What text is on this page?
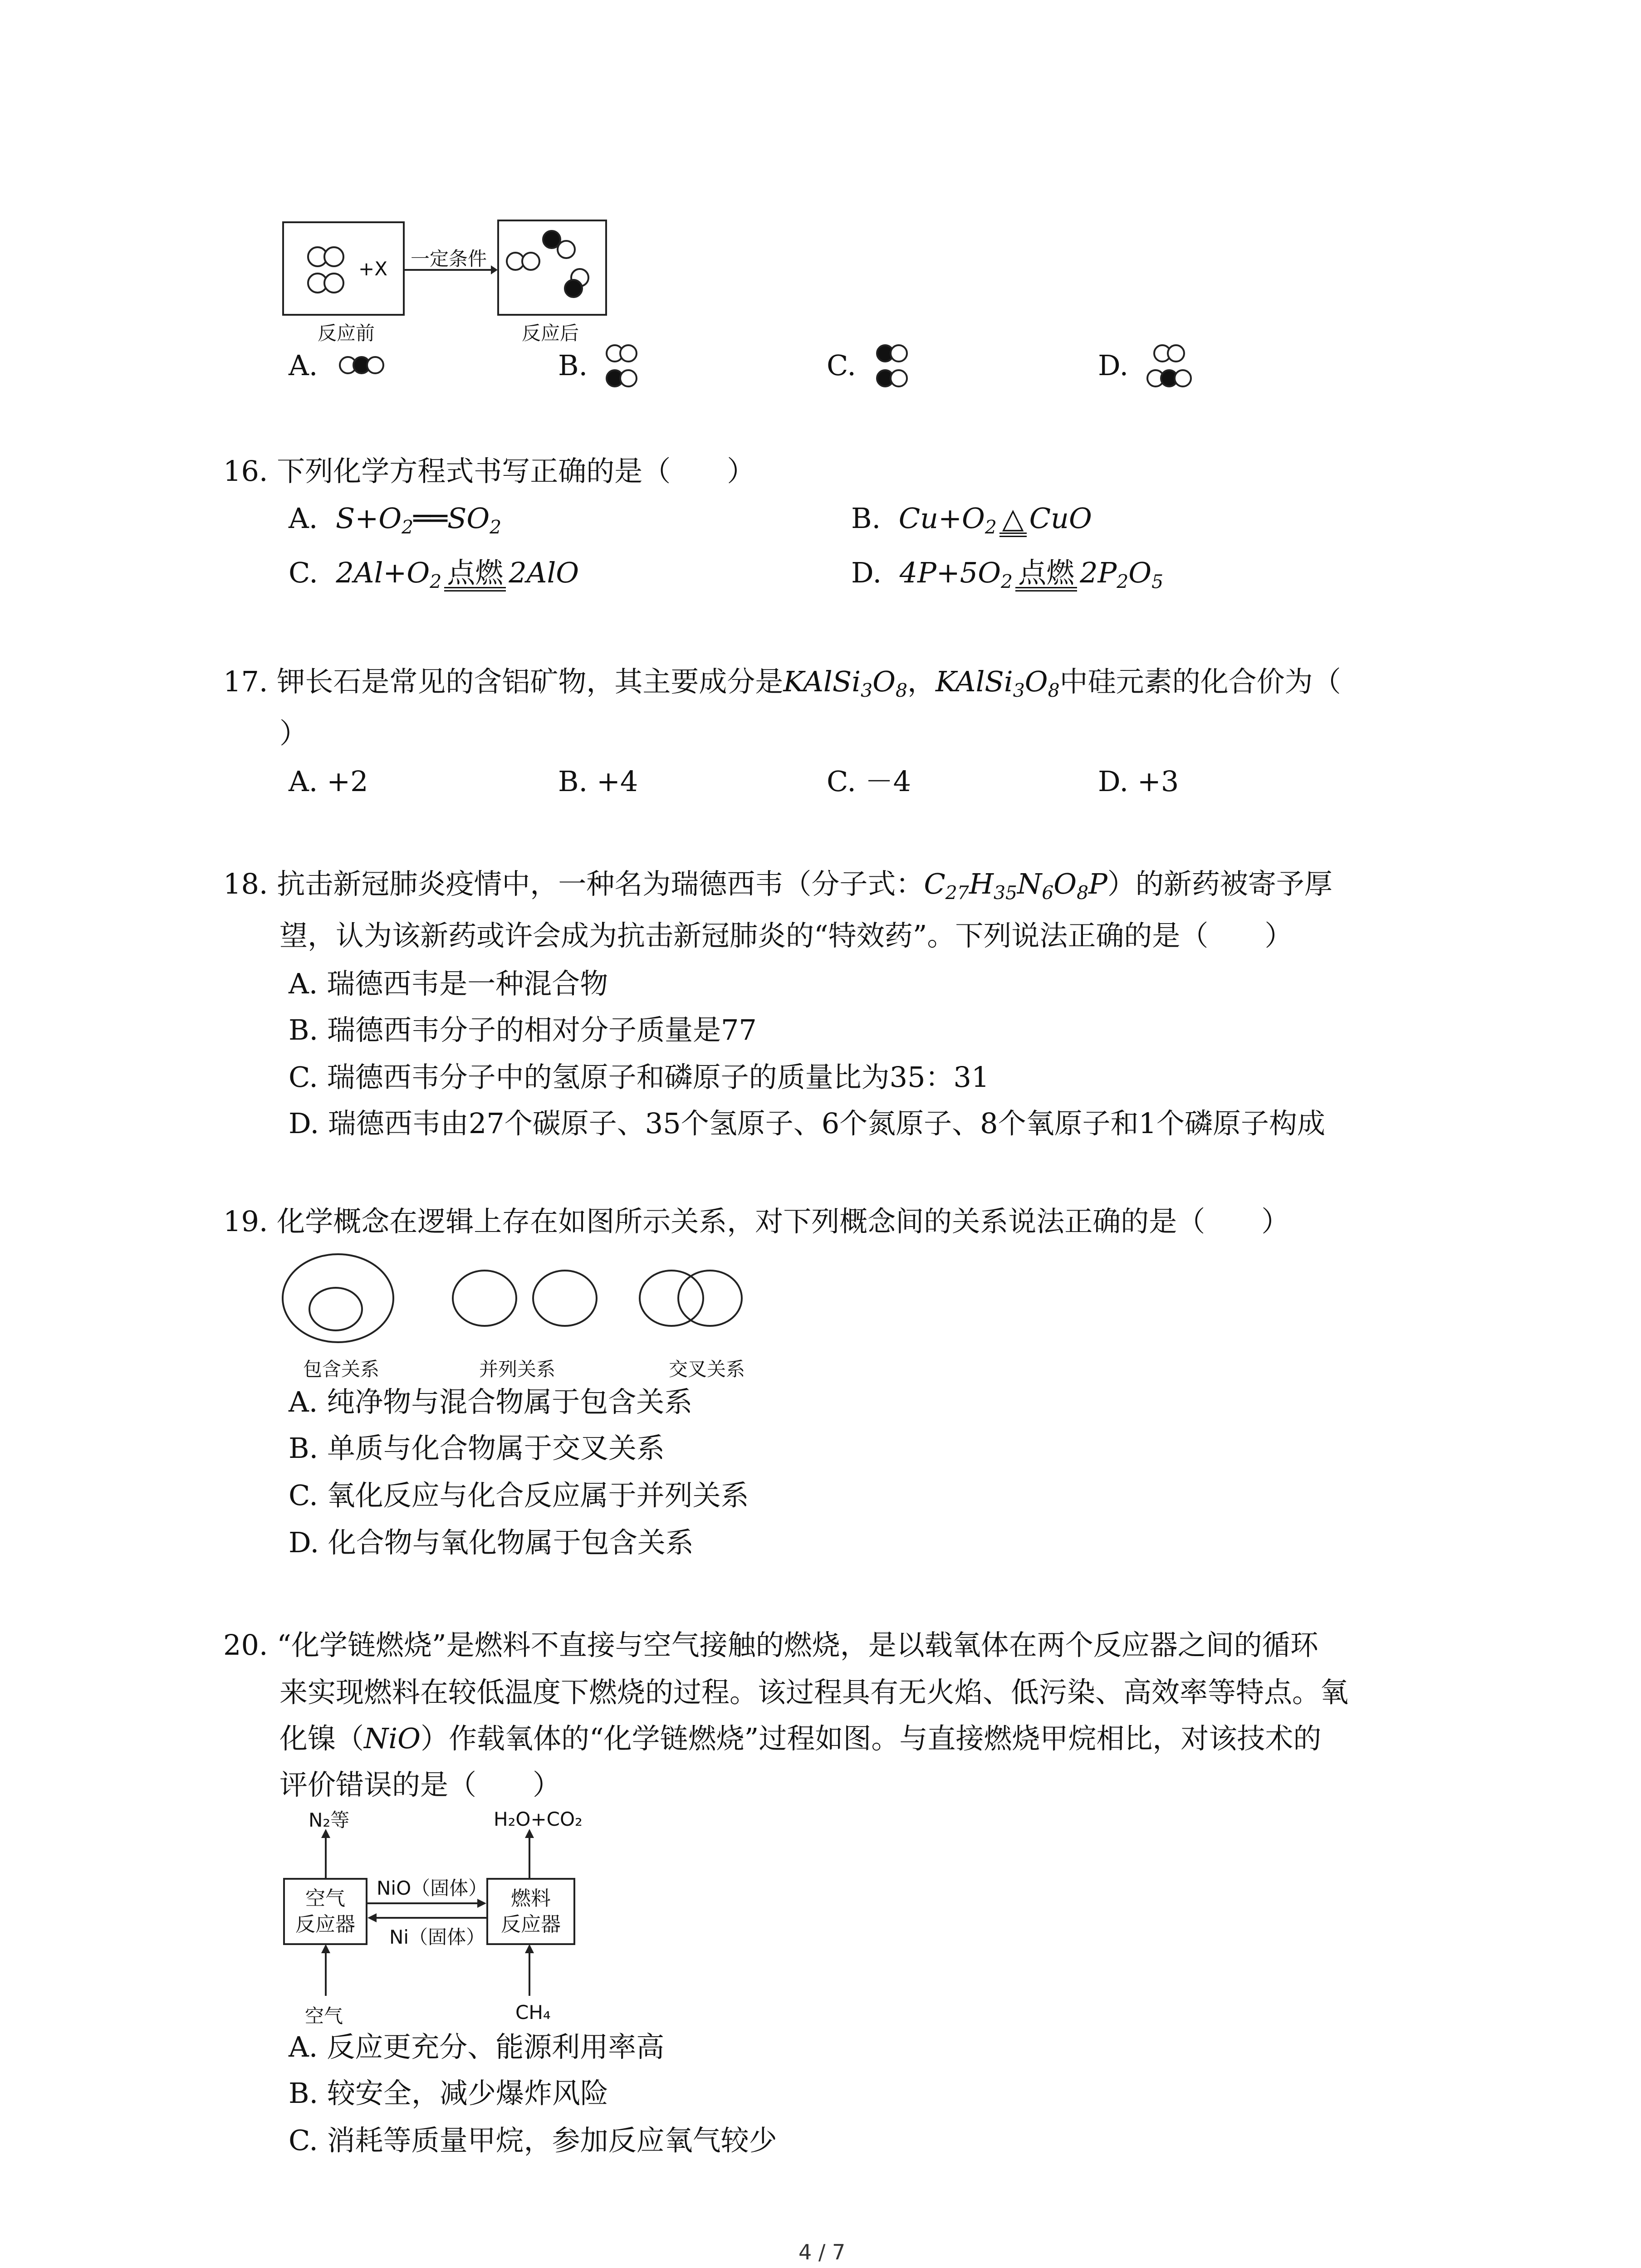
+X 一定条件
反应前	反应后
A.	B.	C.	D.
16. 下列化学方程式书写正确的是（　　）
A. $S+O_2══SO_2$	B. $Cu+O_2$ △ CuO
C. $2Al+O_2$ 点燃 2AlO	D. $4P+5O_2$ 点燃 $2P_2O_5$
17. 钾长石是常见的含铝矿物，其主要成分是$KAlSi_3O_8$，$KAlSi_3O_8$中硅元素的化合价为（
）
A. +2	B. +4	C. －4	D. +3
18. 抗击新冠肺炎疫情中，一种名为瑞德西韦（分子式：$C_{27}H_{35}N_6O_8P$）的新药被寄予厚
望，认为该新药或许会成为抗击新冠肺炎的“特效药”。下列说法正确的是（　　）
A. 瑞德西韦是一种混合物
B. 瑞德西韦分子的相对分子质量是77
C. 瑞德西韦分子中的氢原子和磷原子的质量比为35：31
D. 瑞德西韦由27个碳原子、35个氢原子、6个氮原子、8个氧原子和1个磷原子构成
19. 化学概念在逻辑上存在如图所示关系，对下列概念间的关系说法正确的是（　　）
包含关系	并列关系	交叉关系
A. 纯净物与混合物属于包含关系
B. 单质与化合物属于交叉关系
C. 氧化反应与化合反应属于并列关系
D. 化合物与氧化物属于包含关系
20. “化学链燃烧”是燃料不直接与空气接触的燃烧，是以载氧体在两个反应器之间的循环
来实现燃料在较低温度下燃烧的过程。该过程具有无火焰、低污染、高效率等特点。氧
化镍（NiO）作载氧体的“化学链燃烧”过程如图。与直接燃烧甲烷相比，对该技术的
评价错误的是（　　）
N₂等	H₂O+CO₂
空气
反应器
燃料
反应器
NiO（固体）
Ni（固体）
空气	CH₄
A. 反应更充分、能源利用率高
B. 较安全，减少爆炸风险
C. 消耗等质量甲烷，参加反应氧气较少
4 / 7
